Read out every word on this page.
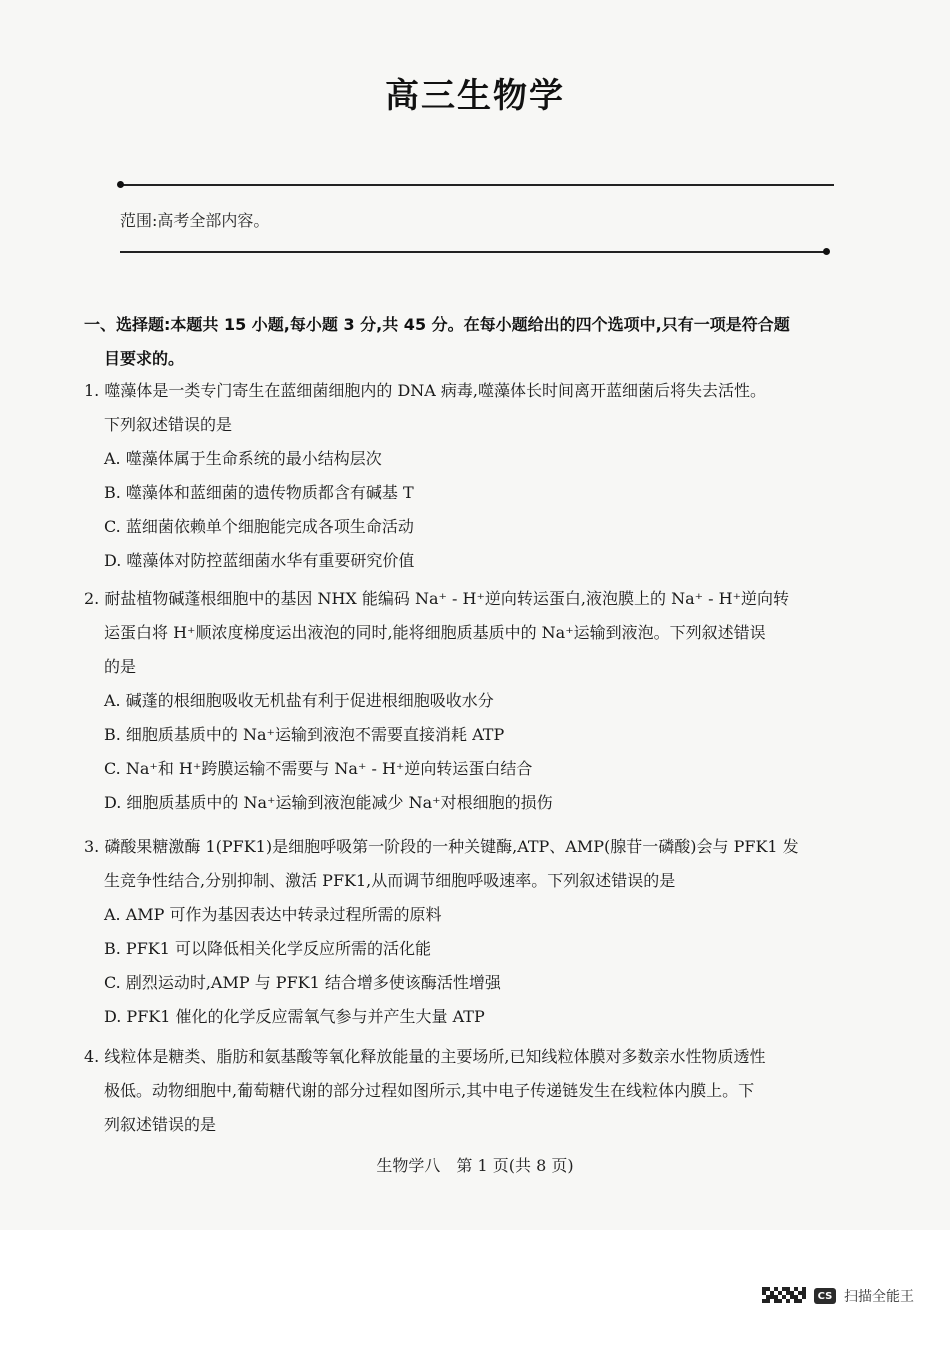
高三生物学
范围:高考全部内容。
一、选择题:本题共 15 小题,每小题 3 分,共 45 分。在每小题给出的四个选项中,只有一项是符合题
目要求的。
1. 噬藻体是一类专门寄生在蓝细菌细胞内的 DNA 病毒,噬藻体长时间离开蓝细菌后将失去活性。
下列叙述错误的是
A. 噬藻体属于生命系统的最小结构层次
B. 噬藻体和蓝细菌的遗传物质都含有碱基 T
C. 蓝细菌依赖单个细胞能完成各项生命活动
D. 噬藻体对防控蓝细菌水华有重要研究价值
2. 耐盐植物碱蓬根细胞中的基因 NHX 能编码 Na⁺ - H⁺逆向转运蛋白,液泡膜上的 Na⁺ - H⁺逆向转
运蛋白将 H⁺顺浓度梯度运出液泡的同时,能将细胞质基质中的 Na⁺运输到液泡。下列叙述错误
的是
A. 碱蓬的根细胞吸收无机盐有利于促进根细胞吸收水分
B. 细胞质基质中的 Na⁺运输到液泡不需要直接消耗 ATP
C. Na⁺和 H⁺跨膜运输不需要与 Na⁺ - H⁺逆向转运蛋白结合
D. 细胞质基质中的 Na⁺运输到液泡能减少 Na⁺对根细胞的损伤
3. 磷酸果糖激酶 1(PFK1)是细胞呼吸第一阶段的一种关键酶,ATP、AMP(腺苷一磷酸)会与 PFK1 发
生竞争性结合,分别抑制、激活 PFK1,从而调节细胞呼吸速率。下列叙述错误的是
A. AMP 可作为基因表达中转录过程所需的原料
B. PFK1 可以降低相关化学反应所需的活化能
C. 剧烈运动时,AMP 与 PFK1 结合增多使该酶活性增强
D. PFK1 催化的化学反应需氧气参与并产生大量 ATP
4. 线粒体是糖类、脂肪和氨基酸等氧化释放能量的主要场所,已知线粒体膜对多数亲水性物质透性
极低。动物细胞中,葡萄糖代谢的部分过程如图所示,其中电子传递链发生在线粒体内膜上。下
列叙述错误的是
生物学八　第 1 页(共 8 页)
CS 扫描全能王
